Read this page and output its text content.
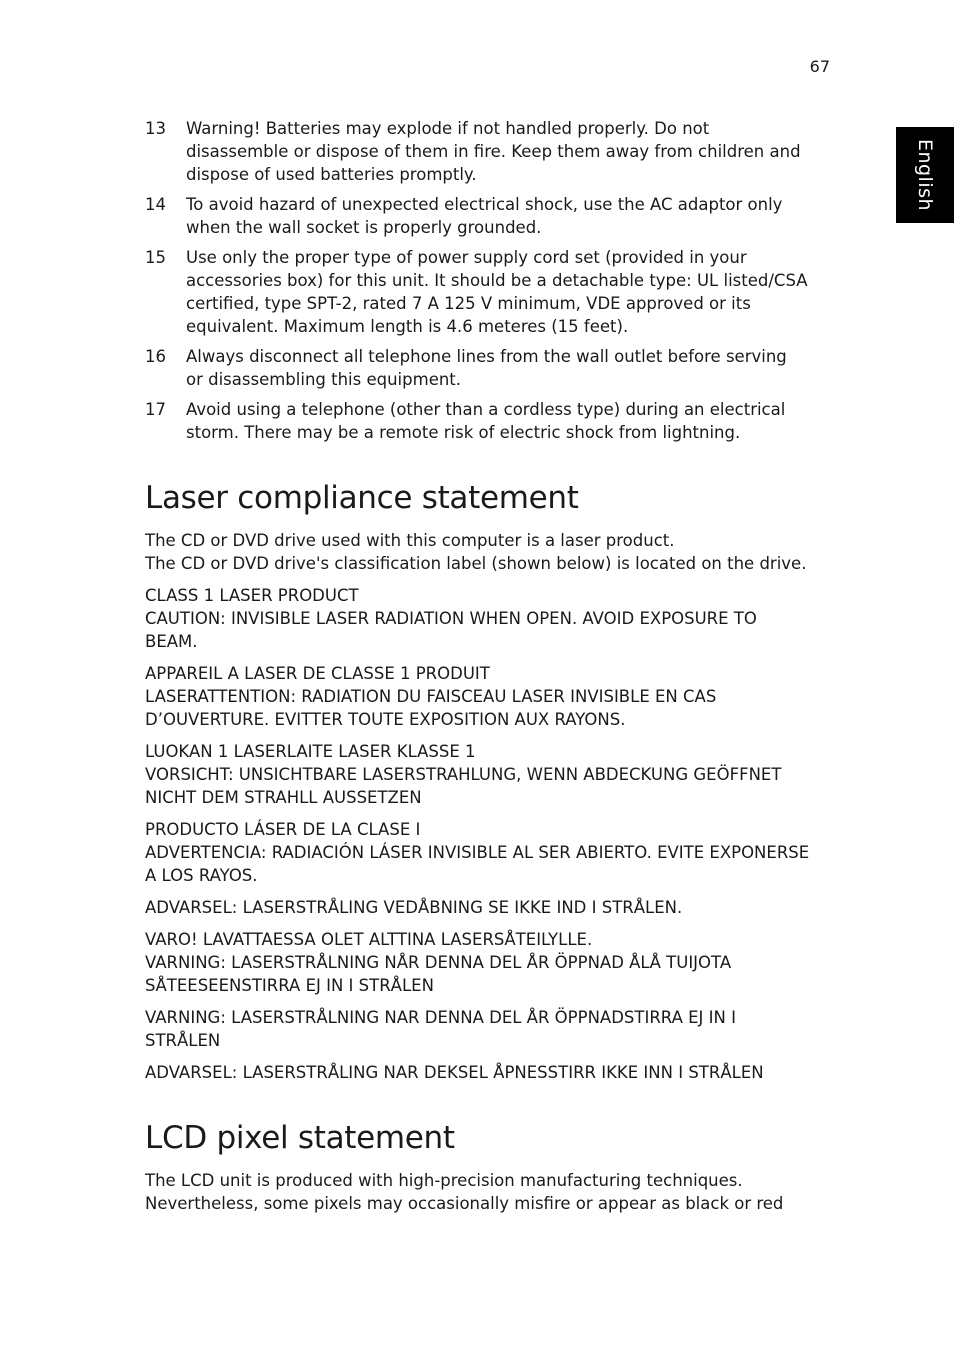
67
English
13 Warning! Batteries may explode if not handled properly. Do not
disassemble or dispose of them in fire. Keep them away from children and
dispose of used batteries promptly.
14 To avoid hazard of unexpected electrical shock, use the AC adaptor only
when the wall socket is properly grounded.
15 Use only the proper type of power supply cord set (provided in your
accessories box) for this unit. It should be a detachable type: UL listed/CSA
certified, type SPT-2, rated 7 A 125 V minimum, VDE approved or its
equivalent. Maximum length is 4.6 meteres (15 feet).
16 Always disconnect all telephone lines from the wall outlet before serving
or disassembling this equipment.
17 Avoid using a telephone (other than a cordless type) during an electrical
storm. There may be a remote risk of electric shock from lightning.
Laser compliance statement

The CD or DVD drive used with this computer is a laser product.
The CD or DVD drive's classification label (shown below) is located on the drive.

CLASS 1 LASER PRODUCT
CAUTION: INVISIBLE LASER RADIATION WHEN OPEN. AVOID EXPOSURE TO
BEAM.

APPAREIL A LASER DE CLASSE 1 PRODUIT
LASERATTENTION: RADIATION DU FAISCEAU LASER INVISIBLE EN CAS
D’OUVERTURE. EVITTER TOUTE EXPOSITION AUX RAYONS.

LUOKAN 1 LASERLAITE LASER KLASSE 1
VORSICHT: UNSICHTBARE LASERSTRAHLUNG, WENN ABDECKUNG GEÖFFNET
NICHT DEM STRAHLL AUSSETZEN

PRODUCTO LÁSER DE LA CLASE I
ADVERTENCIA: RADIACIÓN LÁSER INVISIBLE AL SER ABIERTO. EVITE EXPONERSE
A LOS RAYOS.

ADVARSEL: LASERSTRÅLING VEDÅBNING SE IKKE IND I STRÅLEN.

VARO! LAVATTAESSA OLET ALTTINA LASERSÅTEILYLLE.
VARNING: LASERSTRÅLNING NÅR DENNA DEL ÅR ÖPPNAD ÅLÅ TUIJOTA
SÅTEESEENSTIRRA EJ IN I STRÅLEN

VARNING: LASERSTRÅLNING NAR DENNA DEL ÅR ÖPPNADSTIRRA EJ IN I
STRÅLEN

ADVARSEL: LASERSTRÅLING NAR DEKSEL ÅPNESSTIRR IKKE INN I STRÅLEN

LCD pixel statement

The LCD unit is produced with high-precision manufacturing techniques.
Nevertheless, some pixels may occasionally misfire or appear as black or red
